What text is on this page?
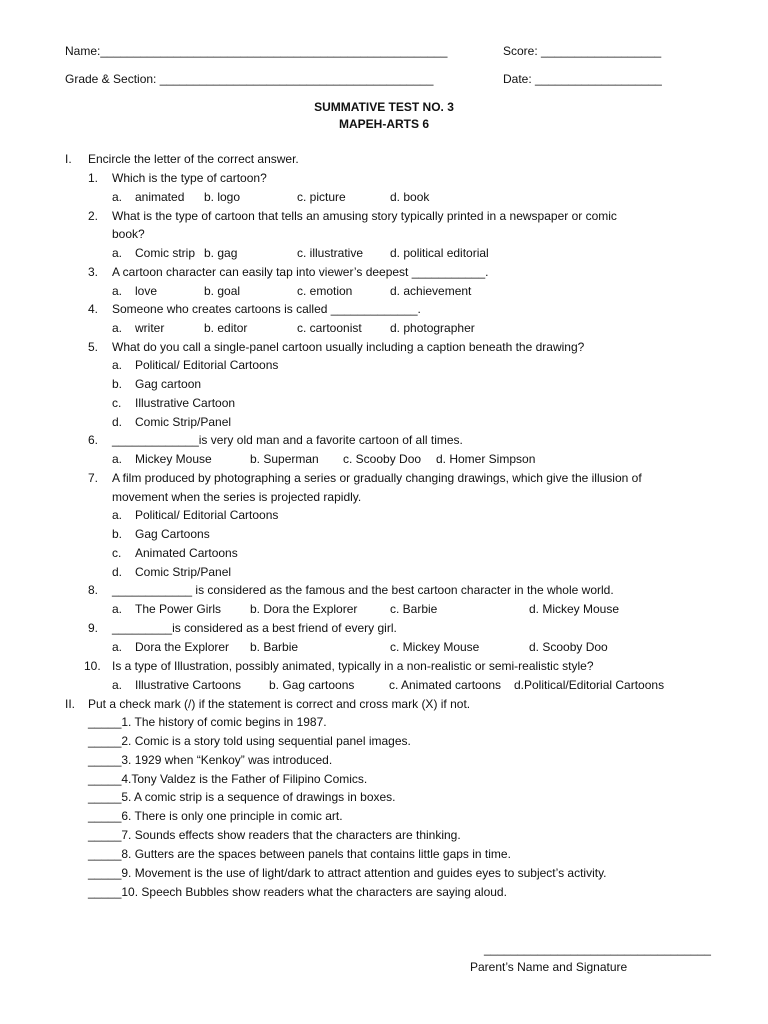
Name:____________________________________________________	Score: __________________
Grade & Section: _________________________________________	Date: ___________________
SUMMATIVE TEST NO. 3
MAPEH-ARTS 6
I. Encircle the letter of the correct answer.
1. Which is the type of cartoon?
a. animated b. logo	c. picture	d. book
2. What is the type of cartoon that tells an amusing story typically printed in a newspaper or comic
book?
a. Comic strip b. gag	c. illustrative d. political editorial
3. A cartoon character can easily tap into viewer’s deepest ___________.
a. love	b. goal	c. emotion	d. achievement
4. Someone who creates cartoons is called _____________.
a. writer	b. editor	c. cartoonist d. photographer
5. What do you call a single-panel cartoon usually including a caption beneath the drawing?
a. Political/ Editorial Cartoons
b. Gag cartoon
c. Illustrative Cartoon
d. Comic Strip/Panel
6. _____________is very old man and a favorite cartoon of all times.
a. Mickey Mouse	b. Superman c. Scooby Doo d. Homer Simpson
7. A film produced by photographing a series or gradually changing drawings, which give the illusion of
movement when the series is projected rapidly.
a. Political/ Editorial Cartoons
b. Gag Cartoons
c. Animated Cartoons
d. Comic Strip/Panel
8. ____________ is considered as the famous and the best cartoon character in the whole world.
a. The Power Girls b. Dora the Explorer	c. Barbie	d. Mickey Mouse
9. _________is considered as a best friend of every girl.
a. Dora the Explorer b. Barbie	c. Mickey Mouse	d. Scooby Doo
10. Is a type of Illustration, possibly animated, typically in a non-realistic or semi-realistic style?
a. Illustrative Cartoons b. Gag cartoons	c. Animated cartoons d.Political/Editorial Cartoons
II. Put a check mark (/) if the statement is correct and cross mark (X) if not.
_____1. The history of comic begins in 1987.
_____2. Comic is a story told using sequential panel images.
_____3. 1929 when “Kenkoy” was introduced.
_____4.Tony Valdez is the Father of Filipino Comics.
_____5. A comic strip is a sequence of drawings in boxes.
_____6. There is only one principle in comic art.
_____7. Sounds effects show readers that the characters are thinking.
_____8. Gutters are the spaces between panels that contains little gaps in time.
_____9. Movement is the use of light/dark to attract attention and guides eyes to subject’s activity.
_____10. Speech Bubbles show readers what the characters are saying aloud.
__________________________________
Parent’s Name and Signature
